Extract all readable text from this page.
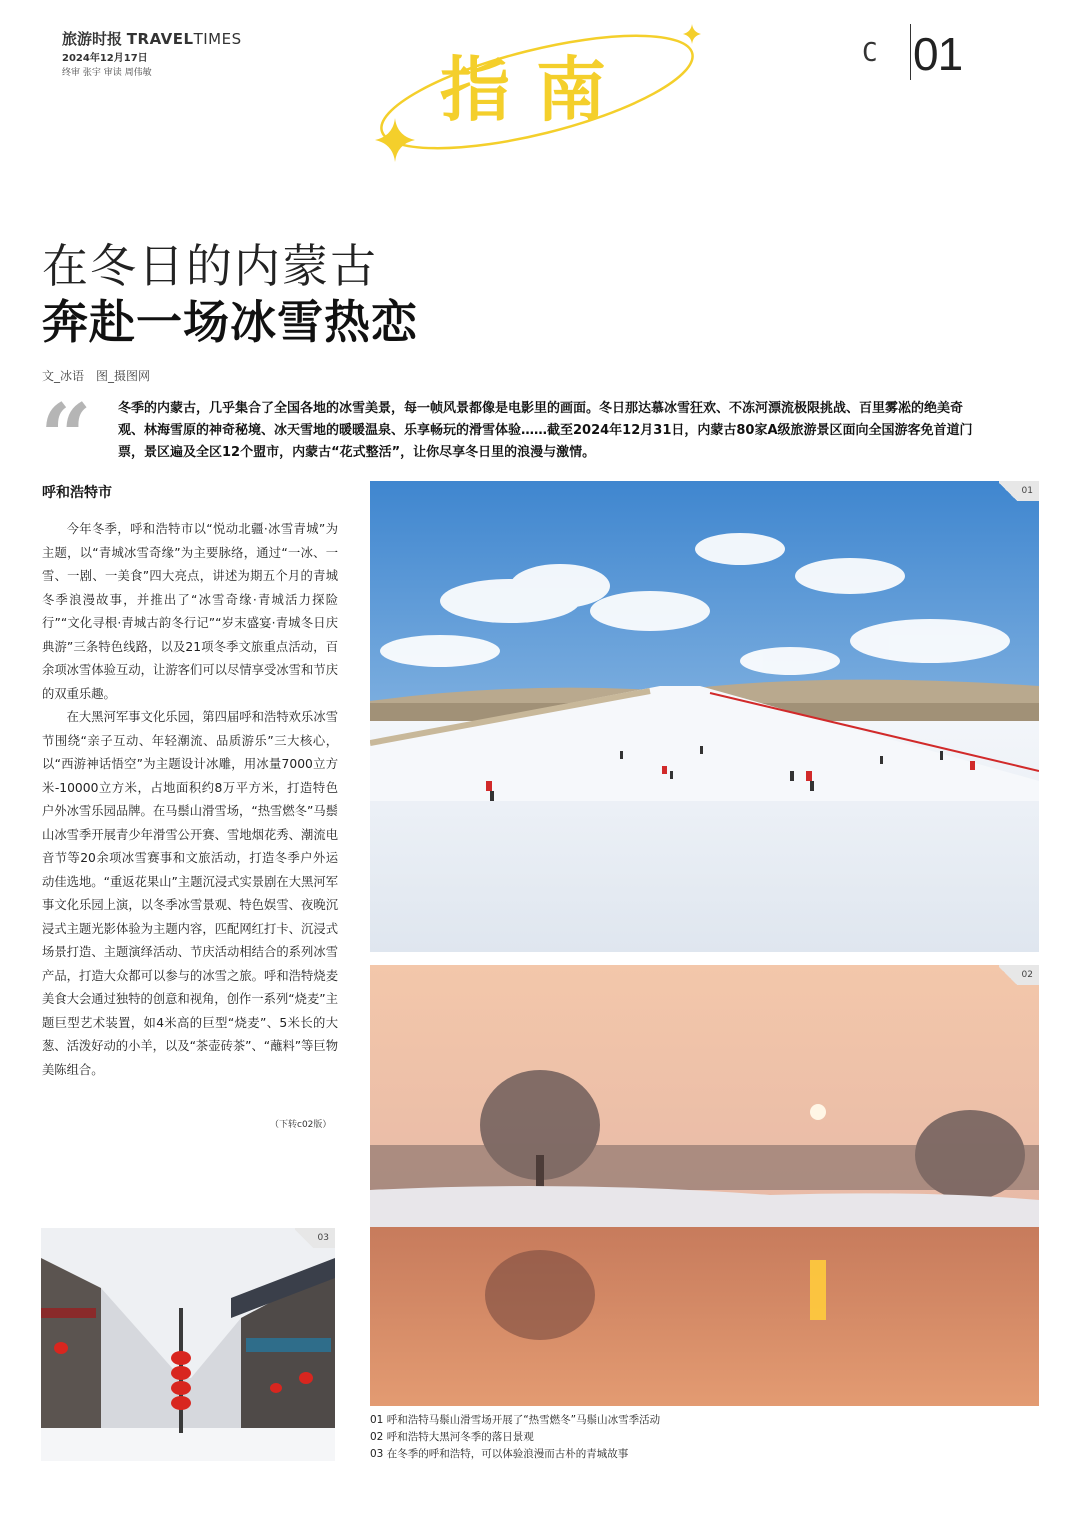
旅游时报 TRAVELTIMES
2024年12月17日
终审 张宇 审读 周伟敏	指南	C 01
在冬日的内蒙古
奔赴一场冰雪热恋
文_冰语　图_摄图网
“ 冬季的内蒙古，几乎集合了全国各地的冰雪美景，每一帧风景都像是电影里的画面。冬日那达慕冰雪狂欢、不冻河漂流极限挑战、百里雾凇的绝美奇观、林海雪原的神奇秘境、冰天雪地的暖暖温泉、乐享畅玩的滑雪体验……截至2024年12月31日，内蒙古80家A级旅游景区面向全国游客免首道门票，景区遍及全区12个盟市，内蒙古“花式整活”，让你尽享冬日里的浪漫与激情。
呼和浩特市

今年冬季，呼和浩特市以“悦动北疆·冰雪青城”为主题，以“青城冰雪奇缘”为主要脉络，通过“一冰、一雪、一剧、一美食”四大亮点，讲述为期五个月的青城冬季浪漫故事，并推出了“冰雪奇缘·青城活力探险行”“文化寻根·青城古韵冬行记”“岁末盛宴·青城冬日庆典游”三条特色线路，以及21项冬季文旅重点活动，百余项冰雪体验互动，让游客们可以尽情享受冰雪和节庆的双重乐趣。

在大黑河军事文化乐园，第四届呼和浩特欢乐冰雪节围绕“亲子互动、年轻潮流、品质游乐”三大核心，以“西游神话悟空”为主题设计冰雕，用冰量7000立方米-10000立方米，占地面积约8万平方米，打造特色户外冰雪乐园品牌。在马鬃山滑雪场，“热雪燃冬”马鬃山冰雪季开展青少年滑雪公开赛、雪地烟花秀、潮流电音节等20余项冰雪赛事和文旅活动，打造冬季户外运动佳选地。“重返花果山”主题沉浸式实景剧在大黑河军事文化乐园上演，以冬季冰雪景观、特色娱雪、夜晚沉浸式主题光影体验为主题内容，匹配网红打卡、沉浸式场景打造、主题演绎活动、节庆活动相结合的系列冰雪产品，打造大众都可以参与的冰雪之旅。呼和浩特烧麦美食大会通过独特的创意和视角，创作一系列“烧麦”主题巨型艺术装置，如4米高的巨型“烧麦”、5米长的大葱、活泼好动的小羊，以及“茶壶砖茶”、“蘸料”等巨物美陈组合。

（下转c02版）
01
02
03
01 呼和浩特马鬃山滑雪场开展了“热雪燃冬”马鬃山冰雪季活动
02 呼和浩特大黑河冬季的落日景观
03 在冬季的呼和浩特，可以体验浪漫而古朴的青城故事
